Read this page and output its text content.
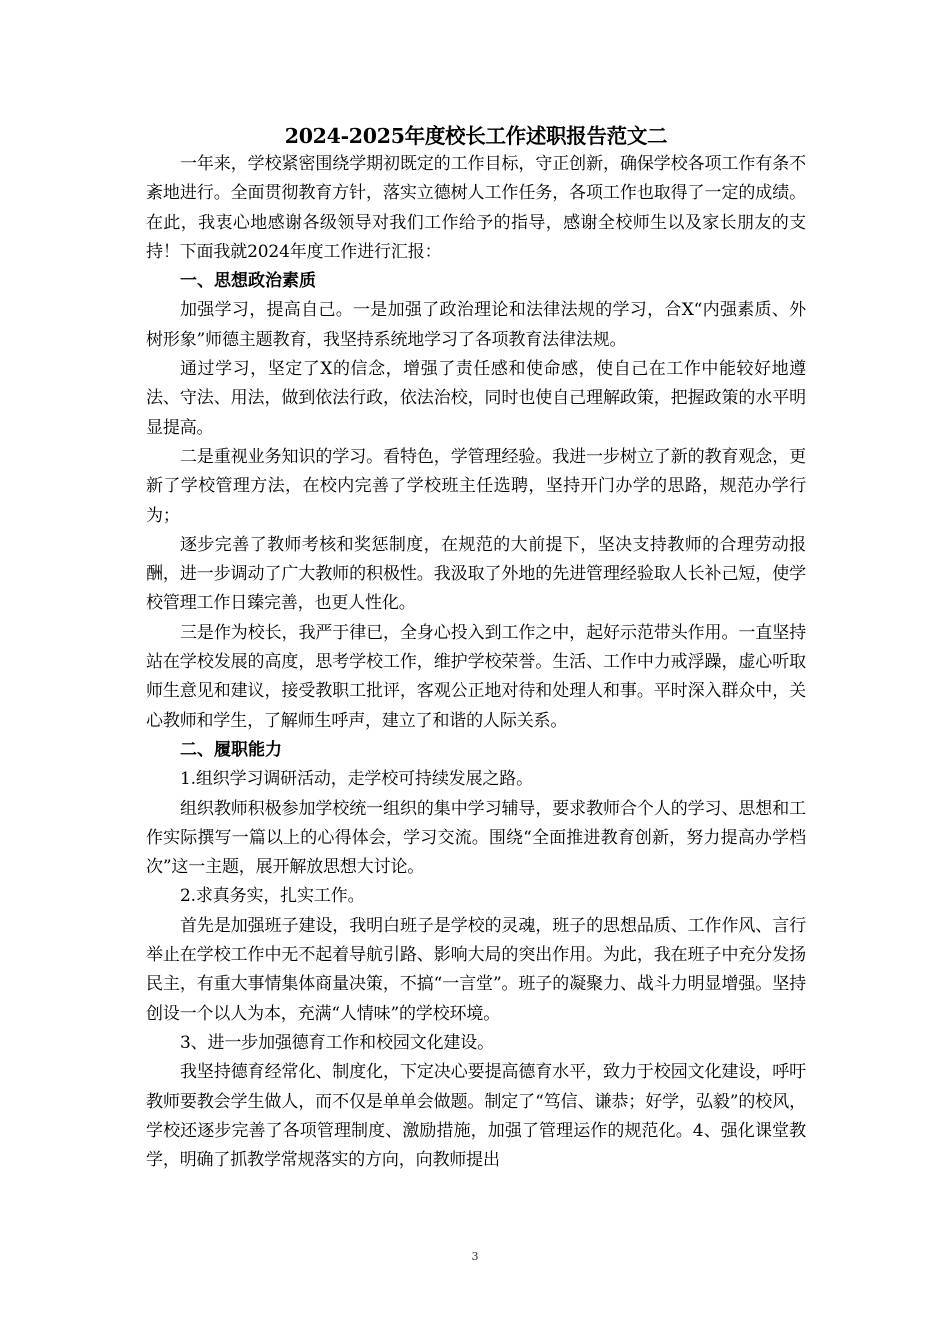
2024-2025年度校长工作述职报告范文二

一年来，学校紧密围绕学期初既定的工作目标，守正创新，确保学校各项工作有条不紊地进行。全面贯彻教育方针，落实立德树人工作任务，各项工作也取得了一定的成绩。在此，我衷心地感谢各级领导对我们工作给予的指导，感谢全校师生以及家长朋友的支持！下面我就2024年度工作进行汇报：

一、思想政治素质

加强学习，提高自己。一是加强了政治理论和法律法规的学习，合X“内强素质、外树形象”师德主题教育，我坚持系统地学习了各项教育法律法规。

通过学习，坚定了X的信念，增强了责任感和使命感，使自己在工作中能较好地遵法、守法、用法，做到依法行政，依法治校，同时也使自己理解政策，把握政策的水平明显提高。

二是重视业务知识的学习。看特色，学管理经验。我进一步树立了新的教育观念，更新了学校管理方法，在校内完善了学校班主任选聘，坚持开门办学的思路，规范办学行为；

逐步完善了教师考核和奖惩制度，在规范的大前提下，坚决支持教师的合理劳动报酬，进一步调动了广大教师的积极性。我汲取了外地的先进管理经验取人长补己短，使学校管理工作日臻完善，也更人性化。

三是作为校长，我严于律已，全身心投入到工作之中，起好示范带头作用。一直坚持站在学校发展的高度，思考学校工作，维护学校荣誉。生活、工作中力戒浮躁，虚心听取师生意见和建议，接受教职工批评，客观公正地对待和处理人和事。平时深入群众中，关心教师和学生，了解师生呼声，建立了和谐的人际关系。

二、履职能力

1.组织学习调研活动，走学校可持续发展之路。

组织教师积极参加学校统一组织的集中学习辅导，要求教师合个人的学习、思想和工作实际撰写一篇以上的心得体会，学习交流。围绕“全面推进教育创新，努力提高办学档次”这一主题，展开解放思想大讨论。

2.求真务实，扎实工作。

首先是加强班子建设，我明白班子是学校的灵魂，班子的思想品质、工作作风、言行举止在学校工作中无不起着导航引路、影响大局的突出作用。为此，我在班子中充分发扬民主，有重大事情集体商量决策，不搞“一言堂”。班子的凝聚力、战斗力明显增强。坚持创设一个以人为本，充满“人情味”的学校环境。

3、进一步加强德育工作和校园文化建设。

我坚持德育经常化、制度化，下定决心要提高德育水平，致力于校园文化建设，呼吁教师要教会学生做人，而不仅是单单会做题。制定了“笃信、谦恭；好学，弘毅”的校风，学校还逐步完善了各项管理制度、激励措施，加强了管理运作的规范化。4、强化课堂教学，明确了抓教学常规落实的方向，向教师提出

3
